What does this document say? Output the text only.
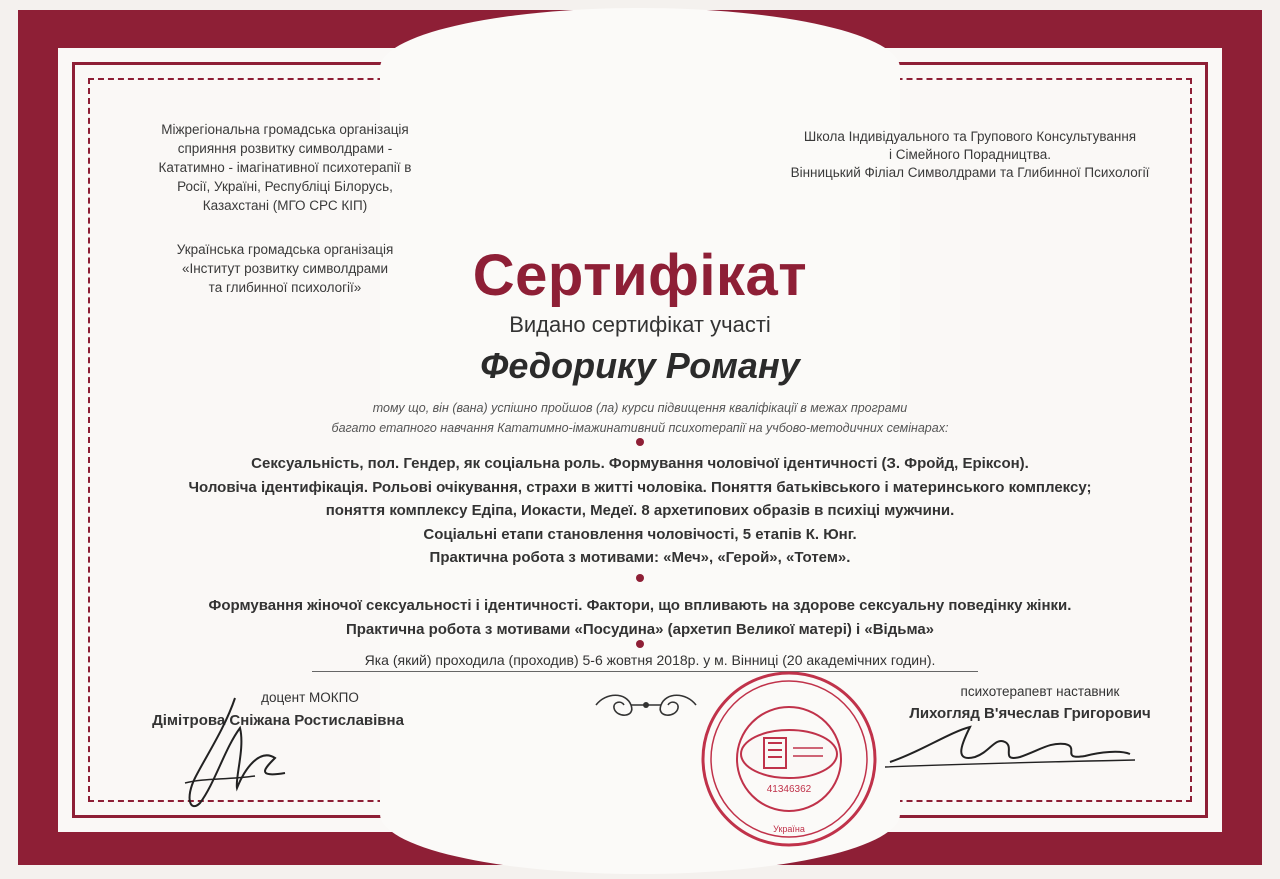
Міжрегіональна громадська організація
сприяння розвитку символдрами -
Кататимно - імагінативної психотерапії в
Росії, Україні, Республіці Білорусь,
Казахстані (МГО СРС КІП)
Українська громадська організація
«Інститут розвитку символдрами
та глибинної психології»
Школа Індивідуального та Групового Консультування
і Сімейного Порадництва.
Вінницький Філіал Символдрами та Глибинної Психології
Сертифікат
Видано сертифікат участі
Федорику Роману
тому що, він (вана) успішно пройшов (ла) курси підвищення кваліфікації в межах програми
багато етапного навчання Кататимно-імажинативний психотерапії на учбово-методичних семінарах:
Сексуальність, пол. Гендер, як соціальна роль. Формування чоловічої ідентичності (З. Фройд, Еріксон).
Чоловіча ідентифікація. Рольові очікування, страхи в житті чоловіка. Поняття батьківського і материнського комплексу;
поняття комплексу Едіпа, Иокасти, Медеї. 8 архетипових образів в психіці мужчини.
Соціальні етапи становлення чоловічості, 5 етапів К. Юнг.
Практична робота з мотивами: «Меч», «Герой», «Тотем».
Формування жіночої сексуальності і ідентичності. Фактори, що впливають на здорове сексуальну поведінку жінки.
Практична робота з мотивами «Посудина» (архетип Великої матері) і «Відьма»
Яка (який) проходила (проходив) 5-6 жовтня 2018р. у м. Вінниці (20 академічних годин).
доцент МОКПО
Дімітрова Сніжана Ростиславівна
психотерапевт наставник
Лихогляд В'ячеслав Григорович
41346362
Україна
